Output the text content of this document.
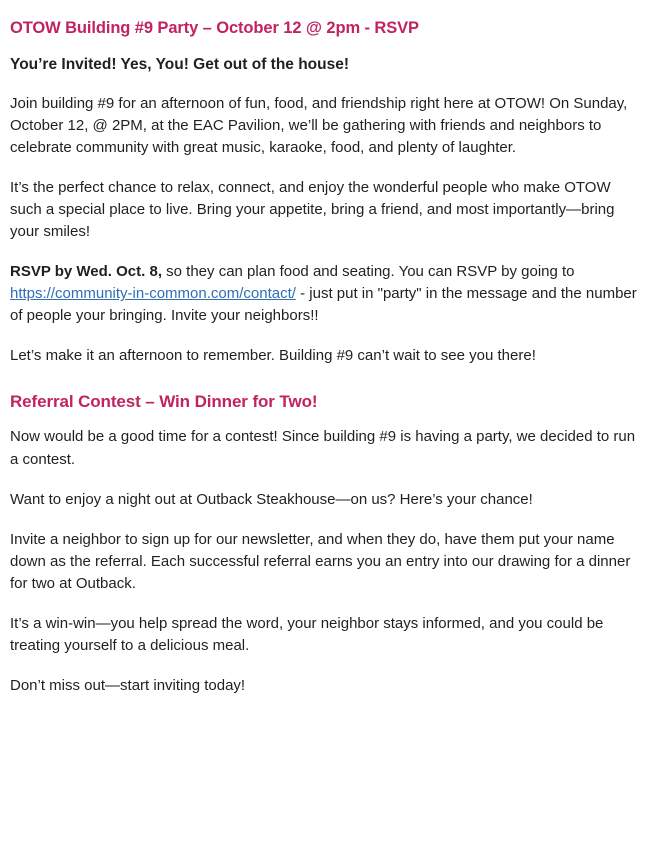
OTOW Building #9 Party – October 12 @ 2pm - RSVP

You’re Invited! Yes, You! Get out of the house!

Join building #9 for an afternoon of fun, food, and friendship right here at OTOW! On Sunday, October 12, @ 2PM, at the EAC Pavilion, we’ll be gathering with friends and neighbors to celebrate community with great music, karaoke, food, and plenty of laughter.

It’s the perfect chance to relax, connect, and enjoy the wonderful people who make OTOW such a special place to live. Bring your appetite, bring a friend, and most importantly—bring your smiles!

RSVP by Wed. Oct. 8, so they can plan food and seating. You can RSVP by going to https://community-in-common.com/contact/ - just put in "party" in the message and the number of people your bringing. Invite your neighbors!!

Let’s make it an afternoon to remember. Building #9 can’t wait to see you there!

Referral Contest – Win Dinner for Two!

Now would be a good time for a contest! Since building #9 is having a party, we decided to run a contest.

Want to enjoy a night out at Outback Steakhouse—on us? Here’s your chance!

Invite a neighbor to sign up for our newsletter, and when they do, have them put your name down as the referral. Each successful referral earns you an entry into our drawing for a dinner for two at Outback.

It’s a win-win—you help spread the word, your neighbor stays informed, and you could be treating yourself to a delicious meal.

Don’t miss out—start inviting today!
